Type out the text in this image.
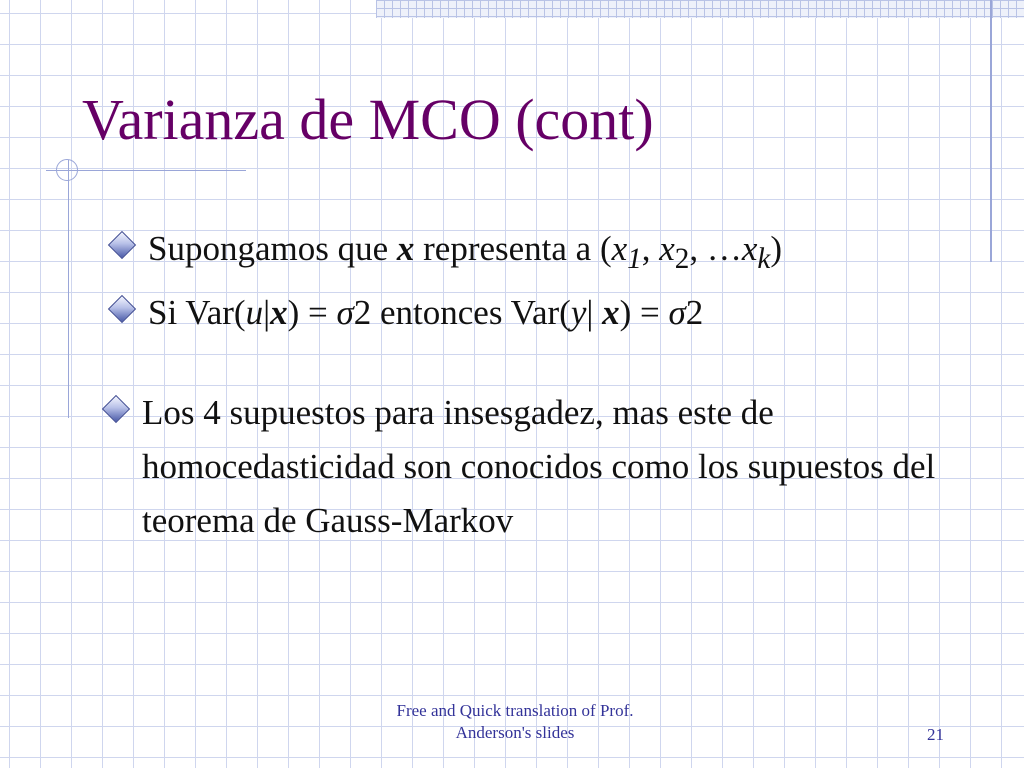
Varianza de MCO (cont)
Supongamos que x representa a ($x_1$, $x_2$, $\dots x_k$)
Si Var(u|x) = σ2 entonces Var(y| x) = σ2
Los 4 supuestos para insesgadez, mas este de homocedasticidad son conocidos como los supuestos del teorema de Gauss-Markov
Free and Quick translation of Prof.
Anderson's slides	21
